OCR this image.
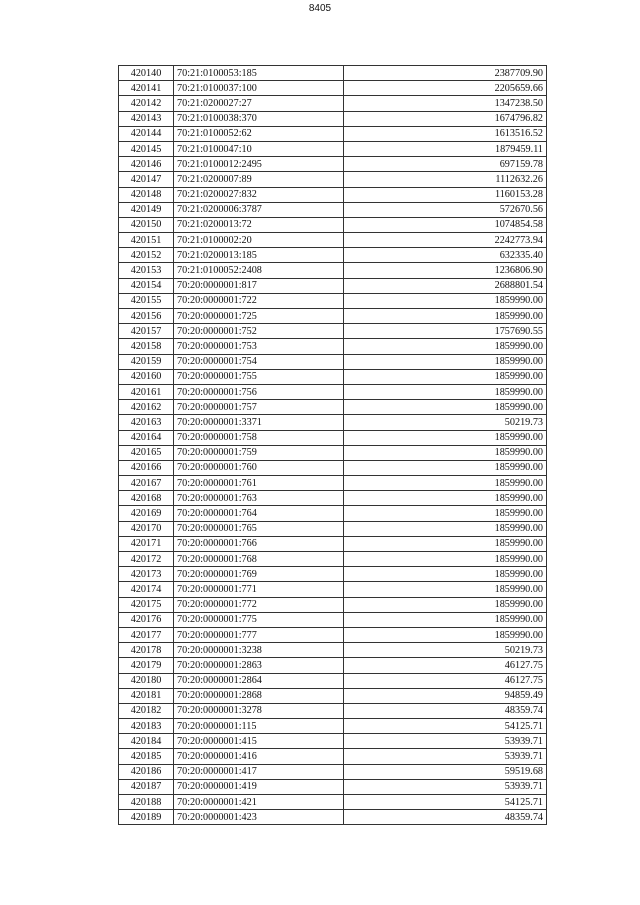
8405
420140	70:21:0100053:185	2387709.90
420141	70:21:0100037:100	2205659.66
420142	70:21:0200027:27	1347238.50
420143	70:21:0100038:370	1674796.82
420144	70:21:0100052:62	1613516.52
420145	70:21:0100047:10	1879459.11
420146	70:21:0100012:2495	697159.78
420147	70:21:0200007:89	1112632.26
420148	70:21:0200027:832	1160153.28
420149	70:21:0200006:3787	572670.56
420150	70:21:0200013:72	1074854.58
420151	70:21:0100002:20	2242773.94
420152	70:21:0200013:185	632335.40
420153	70:21:0100052:2408	1236806.90
420154	70:20:0000001:817	2688801.54
420155	70:20:0000001:722	1859990.00
420156	70:20:0000001:725	1859990.00
420157	70:20:0000001:752	1757690.55
420158	70:20:0000001:753	1859990.00
420159	70:20:0000001:754	1859990.00
420160	70:20:0000001:755	1859990.00
420161	70:20:0000001:756	1859990.00
420162	70:20:0000001:757	1859990.00
420163	70:20:0000001:3371	50219.73
420164	70:20:0000001:758	1859990.00
420165	70:20:0000001:759	1859990.00
420166	70:20:0000001:760	1859990.00
420167	70:20:0000001:761	1859990.00
420168	70:20:0000001:763	1859990.00
420169	70:20:0000001:764	1859990.00
420170	70:20:0000001:765	1859990.00
420171	70:20:0000001:766	1859990.00
420172	70:20:0000001:768	1859990.00
420173	70:20:0000001:769	1859990.00
420174	70:20:0000001:771	1859990.00
420175	70:20:0000001:772	1859990.00
420176	70:20:0000001:775	1859990.00
420177	70:20:0000001:777	1859990.00
420178	70:20:0000001:3238	50219.73
420179	70:20:0000001:2863	46127.75
420180	70:20:0000001:2864	46127.75
420181	70:20:0000001:2868	94859.49
420182	70:20:0000001:3278	48359.74
420183	70:20:0000001:115	54125.71
420184	70:20:0000001:415	53939.71
420185	70:20:0000001:416	53939.71
420186	70:20:0000001:417	59519.68
420187	70:20:0000001:419	53939.71
420188	70:20:0000001:421	54125.71
420189	70:20:0000001:423	48359.74
